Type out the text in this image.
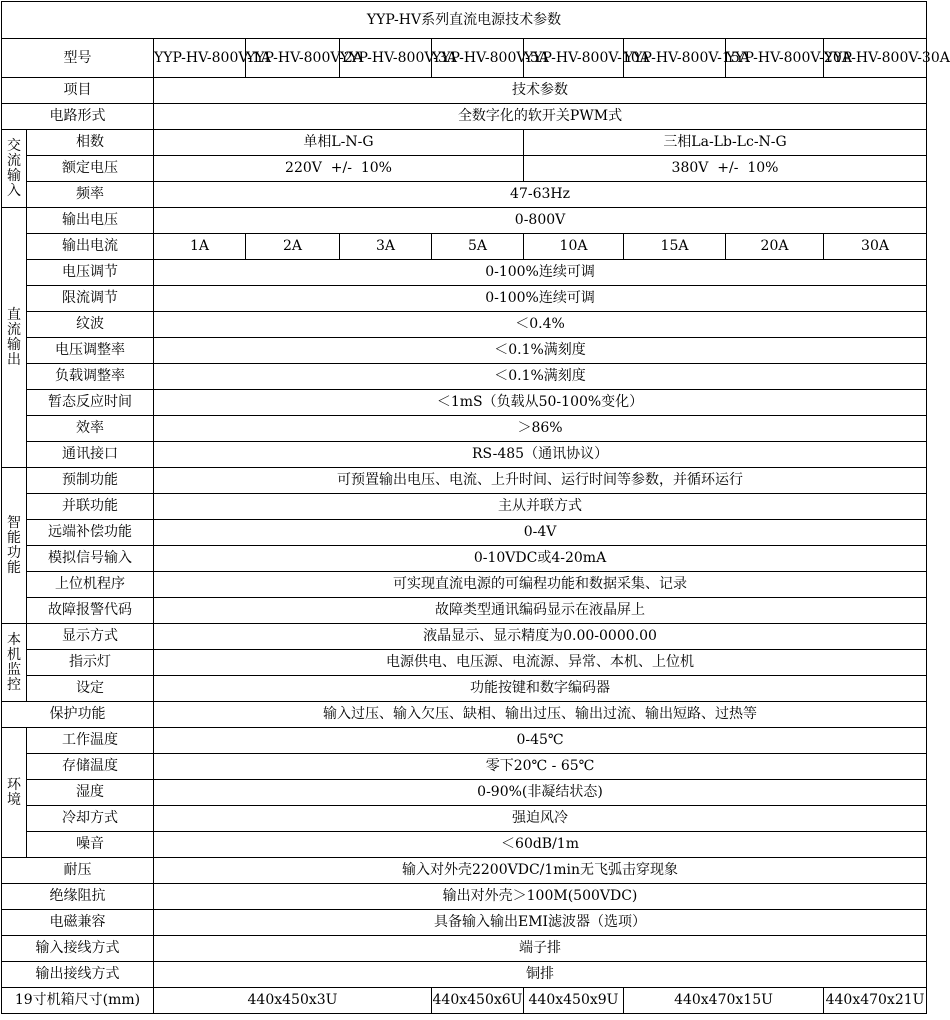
YYP-HV系列直流电源技术参数									
型号		YYP-HV-800V-1A	YYP-HV-800V-2A	YYP-HV-800V-3A	YYP-HV-800V-5A	YYP-HV-800V-10A	YYP-HV-800V-15A	YYP-HV-800V-20A	YYP-HV-800V-30A
项目		技术参数							
电路形式		全数字化的软开关PWM式							
交流输入	相数	单相L-N-G				三相La-Lb-Lc-N-G			
	额定电压	220V  +/-  10%				380V  +/-  10%			
	频率	47-63Hz							
直流输出	输出电压	0-800V							
	输出电流	1A	2A	3A	5A	10A	15A	20A	30A
	电压调节	0-100%连续可调							
	限流调节	0-100%连续可调							
	纹波	＜0.4%							
	电压调整率	＜0.1%满刻度							
	负载调整率	＜0.1%满刻度							
	暂态反应时间	＜1mS（负载从50-100%变化）							
	效率	＞86%							
	通讯接口	RS-485（通讯协议）							
智能功能	预制功能	可预置输出电压、电流、上升时间、运行时间等参数，并循环运行							
	并联功能	主从并联方式							
	远端补偿功能	0-4V							
	模拟信号输入	0-10VDC或4-20mA							
	上位机程序	可实现直流电源的可编程功能和数据采集、记录							
	故障报警代码	故障类型通讯编码显示在液晶屏上							
本机监控	显示方式	液晶显示、显示精度为0.00-0000.00							
	指示灯	电源供电、电压源、电流源、异常、本机、上位机							
	设定	功能按键和数字编码器							
保护功能		输入过压、输入欠压、缺相、输出过压、输出过流、输出短路、过热等							
环境	工作温度	0-45℃							
	存储温度	零下20℃ - 65℃							
	湿度	0-90%(非凝结状态)							
	冷却方式	强迫风冷							
	噪音	＜60dB/1m							
耐压		输入对外壳2200VDC/1min无飞弧击穿现象							
绝缘阻抗		输出对外壳＞100M(500VDC)							
电磁兼容		具备输入输出EMI滤波器（选项）							
输入接线方式		端子排							
输出接线方式		铜排							
19寸机箱尺寸(mm)		440x450x3U			440x450x6U	440x450x9U	440x470x15U		440x470x21U
